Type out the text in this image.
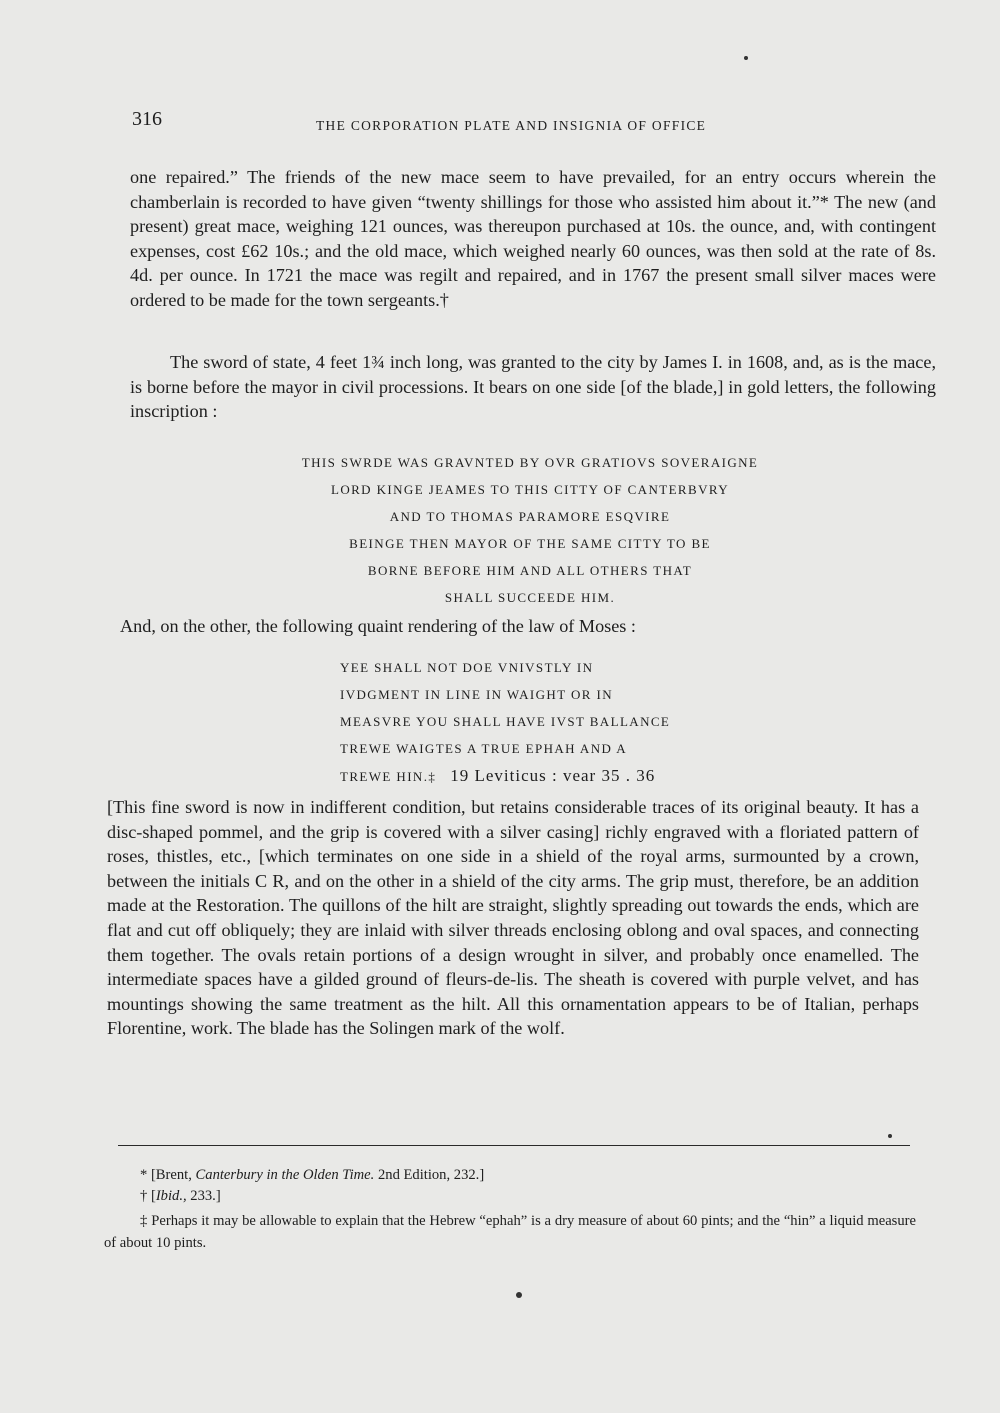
316	THE CORPORATION PLATE AND INSIGNIA OF OFFICE

one repaired.” The friends of the new mace seem to have prevailed, for an entry occurs wherein the chamberlain is recorded to have given “twenty shillings for those who assisted him about it.”* The new (and present) great mace, weighing 121 ounces, was thereupon purchased at 10s. the ounce, and, with contingent expenses, cost £62 10s.; and the old mace, which weighed nearly 60 ounces, was then sold at the rate of 8s. 4d. per ounce. In 1721 the mace was regilt and repaired, and in 1767 the present small silver maces were ordered to be made for the town sergeants.†

The sword of state, 4 feet 1¾ inch long, was granted to the city by James I. in 1608, and, as is the mace, is borne before the mayor in civil processions. It bears on one side [of the blade,] in gold letters, the following inscription :

THIS SWRDE WAS GRAVNTED BY OVR GRATIOVS SOVERAIGNE
LORD KINGE JEAMES TO THIS CITTY OF CANTERBVRY
AND TO THOMAS PARAMORE ESQVIRE
BEINGE THEN MAYOR OF THE SAME CITTY TO BE
BORNE BEFORE HIM AND ALL OTHERS THAT
SHALL SUCCEEDE HIM.

And, on the other, the following quaint rendering of the law of Moses :

YEE SHALL NOT DOE VNIVSTLY IN
IVDGMENT IN LINE IN WAIGHT OR IN
MEASVRE YOU SHALL HAVE IVST BALLANCE
TREWE WAIGTES A TRUE EPHAH AND A
TREWE HIN.‡ 19 Leviticus : vear 35 . 36

[This fine sword is now in indifferent condition, but retains considerable traces of its original beauty. It has a disc-shaped pommel, and the grip is covered with a silver casing] richly engraved with a floriated pattern of roses, thistles, etc., [which terminates on one side in a shield of the royal arms, surmounted by a crown, between the initials C R, and on the other in a shield of the city arms. The grip must, therefore, be an addition made at the Restoration. The quillons of the hilt are straight, slightly spreading out towards the ends, which are flat and cut off obliquely; they are inlaid with silver threads enclosing oblong and oval spaces, and connecting them together. The ovals retain portions of a design wrought in silver, and probably once enamelled. The intermediate spaces have a gilded ground of fleurs-de-lis. The sheath is covered with purple velvet, and has mountings showing the same treatment as the hilt. All this ornamentation appears to be of Italian, perhaps Florentine, work. The blade has the Solingen mark of the wolf.

* [Brent, Canterbury in the Olden Time. 2nd Edition, 232.]

† [Ibid., 233.]

‡ Perhaps it may be allowable to explain that the Hebrew “ephah” is a dry measure of about 60 pints; and the “hin” a liquid measure of about 10 pints.
